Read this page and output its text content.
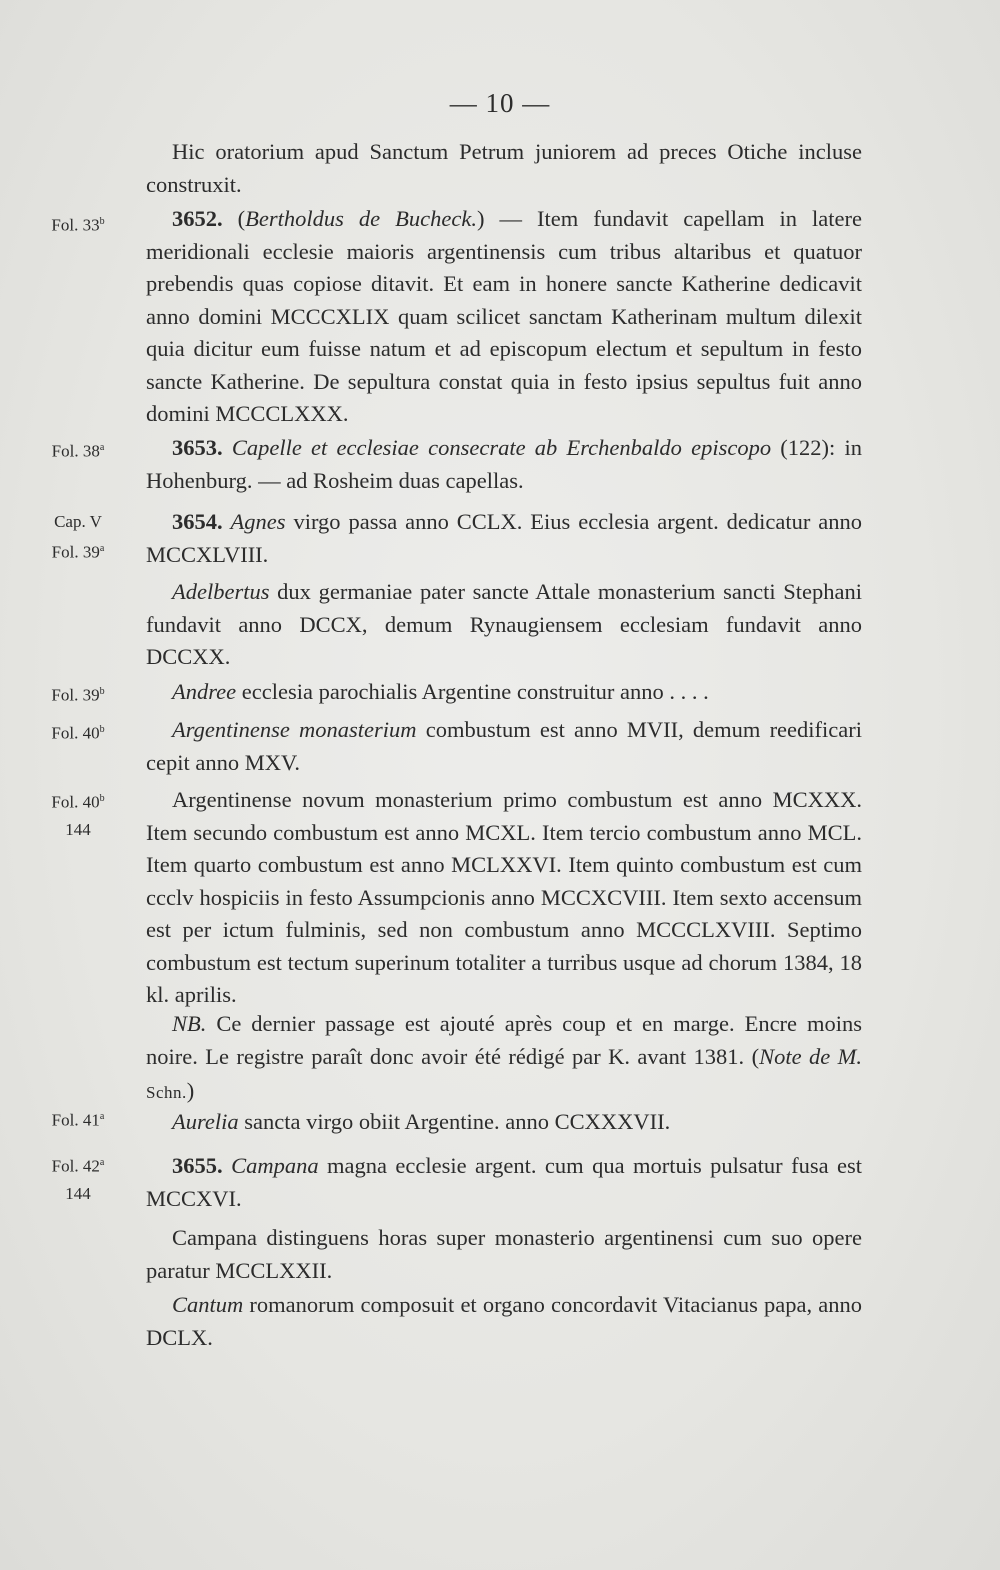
— 10 —
Fol. 33$^b$
Fol. 38$^a$
Cap. V
Fol. 39$^a$
Fol. 39$^b$
Fol. 40$^b$
Fol. 40$^b$
144
Fol. 41$^a$
Fol. 42$^a$
144

Hic oratorium apud Sanctum Petrum juniorem ad preces Otiche incluse construxit.

3652. (Bertholdus de Bucheck.) — Item fundavit capellam in latere meridionali ecclesie maioris argentinensis cum tribus altaribus et quatuor prebendis quas copiose ditavit. Et eam in honere sancte Katherine dedicavit anno domini MCCCXLIX quam scilicet sanctam Katherinam multum dilexit quia dicitur eum fuisse natum et ad episcopum electum et sepultum in festo sancte Katherine. De sepultura constat quia in festo ipsius sepultus fuit anno domini MCCCLXXX.

3653. Capelle et ecclesiae consecrate ab Erchenbaldo episcopo (122): in Hohenburg. — ad Rosheim duas capellas.

3654. Agnes virgo passa anno CCLX. Eius ecclesia argent. dedicatur anno MCCXLVIII.

Adelbertus dux germaniae pater sancte Attale monasterium sancti Stephani fundavit anno DCCX, demum Rynaugiensem ecclesiam fundavit anno DCCXX.

Andree ecclesia parochialis Argentine construitur anno . . . .

Argentinense monasterium combustum est anno MVII, demum reedificari cepit anno MXV.

Argentinense novum monasterium primo combustum est anno MCXXX. Item secundo combustum est anno MCXL. Item tercio combustum anno MCL. Item quarto combustum est anno MCLXXVI. Item quinto combustum est cum ccclv hospiciis in festo Assumpcionis anno MCCXCVIII. Item sexto accensum est per ictum fulminis, sed non combustum anno MCCCLXVIII. Septimo combustum est tectum superinum totaliter a turribus usque ad chorum 1384, 18 kl. aprilis.

NB. Ce dernier passage est ajouté après coup et en marge. Encre moins noire. Le registre paraît donc avoir été rédigé par K. avant 1381. (Note de M. Schn.)

Aurelia sancta virgo obiit Argentine. anno CCXXXVII.

3655. Campana magna ecclesie argent. cum qua mortuis pulsatur fusa est MCCXVI.

Campana distinguens horas super monasterio argentinensi cum suo opere paratur MCCLXXII.

Cantum romanorum composuit et organo concordavit Vitacianus papa, anno DCLX.
